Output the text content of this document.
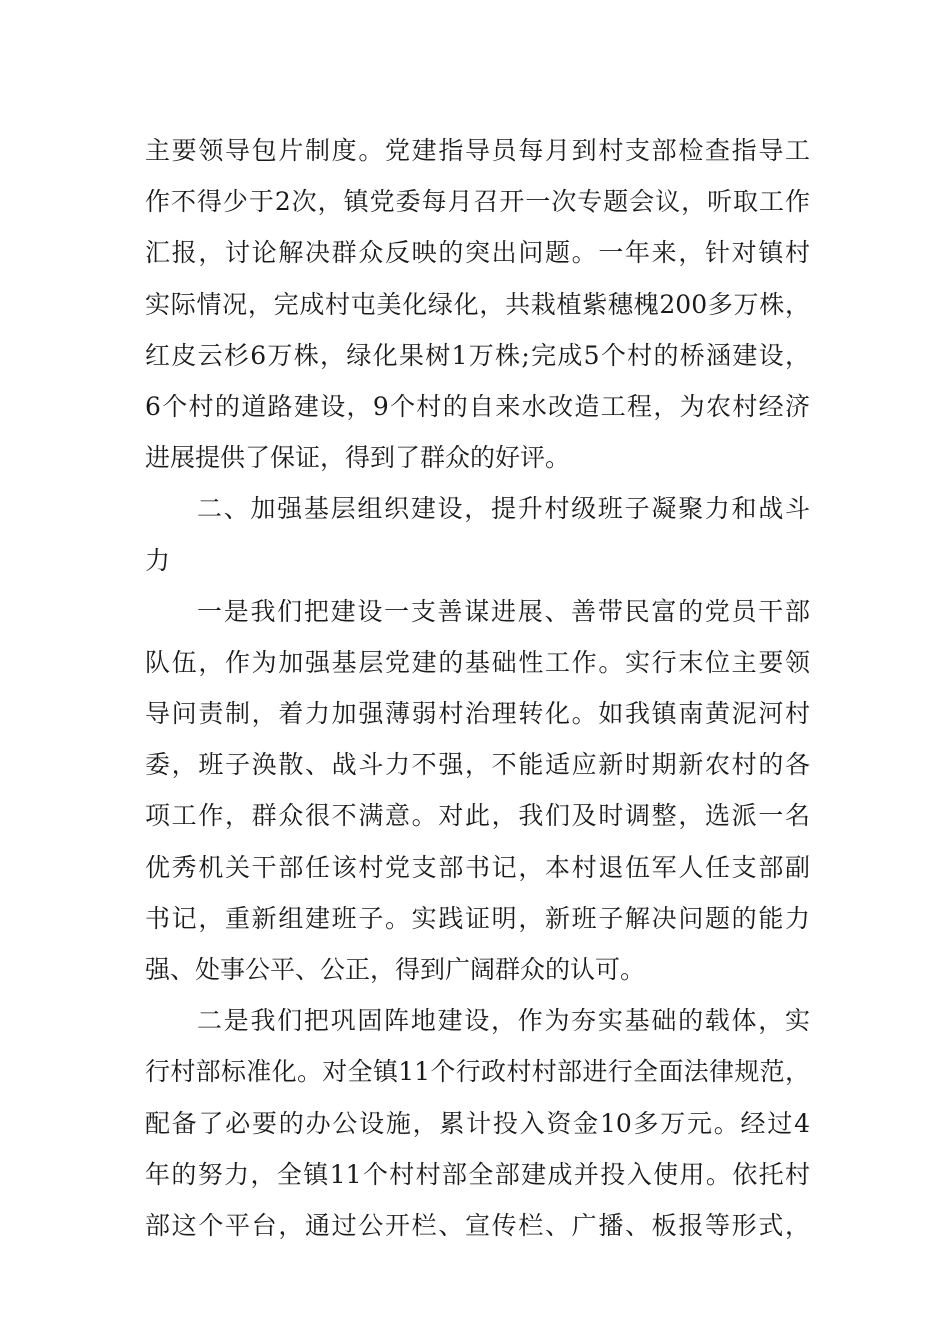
主要领导包片制度。党建指导员每月到村支部检查指导工
作不得少于2次，镇党委每月召开一次专题会议，听取工作
汇报，讨论解决群众反映的突出问题。一年来，针对镇村
实际情况，完成村屯美化绿化，共栽植紫穗槐200多万株，
红皮云杉6万株，绿化果树1万株;完成5个村的桥涵建设，
6个村的道路建设，9个村的自来水改造工程，为农村经济
进展提供了保证，得到了群众的好评。
二、加强基层组织建设，提升村级班子凝聚力和战斗
力
一是我们把建设一支善谋进展、善带民富的党员干部
队伍，作为加强基层党建的基础性工作。实行末位主要领
导问责制，着力加强薄弱村治理转化。如我镇南黄泥河村
委，班子涣散、战斗力不强，不能适应新时期新农村的各
项工作，群众很不满意。对此，我们及时调整，选派一名
优秀机关干部任该村党支部书记，本村退伍军人任支部副
书记，重新组建班子。实践证明，新班子解决问题的能力
强、处事公平、公正，得到广阔群众的认可。
二是我们把巩固阵地建设，作为夯实基础的载体，实
行村部标准化。对全镇11个行政村村部进行全面法律规范，
配备了必要的办公设施，累计投入资金10多万元。经过4
年的努力，全镇11个村村部全部建成并投入使用。依托村
部这个平台，通过公开栏、宣传栏、广播、板报等形式，
